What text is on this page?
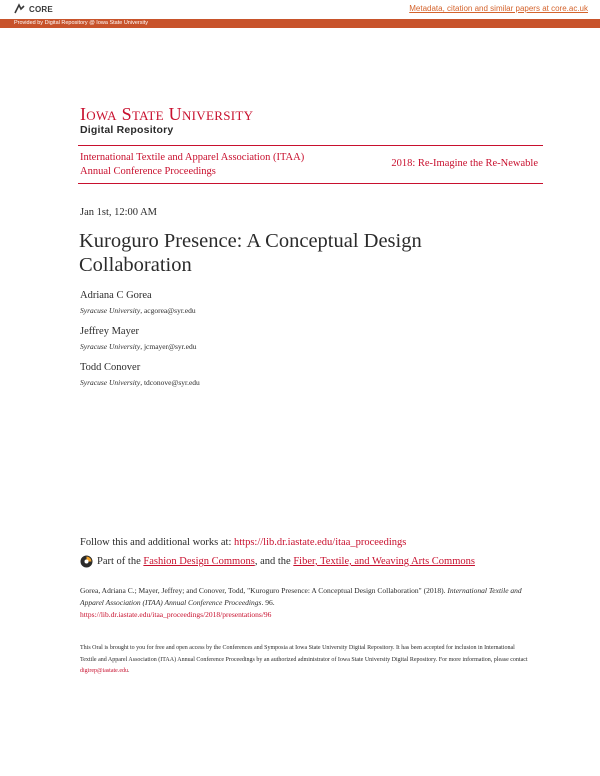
CORE	Metadata, citation and similar papers at core.ac.uk
Provided by Digital Repository @ Iowa State University
IOWA STATE UNIVERSITY
Digital Repository
International Textile and Apparel Association (ITAA) Annual Conference Proceedings
2018: Re-Imagine the Re-Newable
Jan 1st, 12:00 AM
Kuroguro Presence: A Conceptual Design Collaboration
Adriana C Gorea
Syracuse University, acgorea@syr.edu
Jeffrey Mayer
Syracuse University, jcmayer@syr.edu
Todd Conover
Syracuse University, tdconove@syr.edu
Follow this and additional works at: https://lib.dr.iastate.edu/itaa_proceedings
Part of the Fashion Design Commons, and the Fiber, Textile, and Weaving Arts Commons
Gorea, Adriana C.; Mayer, Jeffrey; and Conover, Todd, "Kuroguro Presence: A Conceptual Design Collaboration" (2018). International Textile and Apparel Association (ITAA) Annual Conference Proceedings. 96.
https://lib.dr.iastate.edu/itaa_proceedings/2018/presentations/96
This Oral is brought to you for free and open access by the Conferences and Symposia at Iowa State University Digital Repository. It has been accepted for inclusion in International Textile and Apparel Association (ITAA) Annual Conference Proceedings by an authorized administrator of Iowa State University Digital Repository. For more information, please contact digirep@iastate.edu.
